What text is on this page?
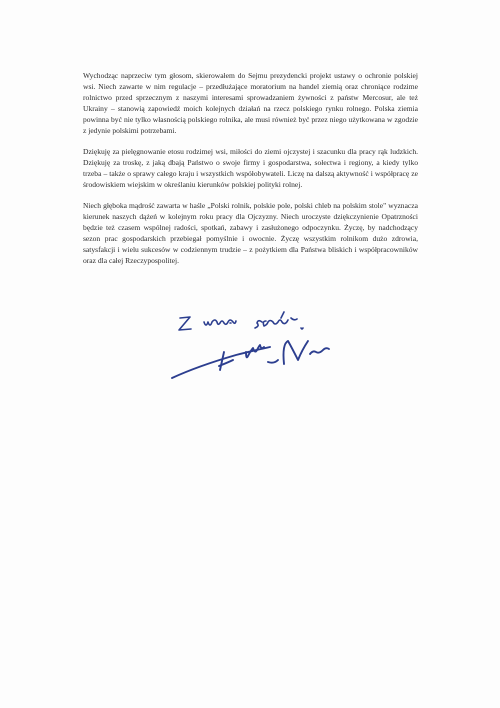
Wychodząc naprzeciw tym głosom, skierowałem do Sejmu prezydencki projekt ustawy o ochronie polskiej wsi. Niech zawarte w nim regulacje – przedłużające moratorium na handel ziemią oraz chroniące rodzime rolnictwo przed sprzecznym z naszymi interesami sprowadzaniem żywności z państw Mercosur, ale też Ukrainy – stanowią zapowiedź moich kolejnych działań na rzecz polskiego rynku rolnego. Polska ziemia powinna być nie tylko własnością polskiego rolnika, ale musi również być przez niego użytkowana w zgodzie z jedynie polskimi potrzebami.

Dziękuję za pielęgnowanie etosu rodzimej wsi, miłości do ziemi ojczystej i szacunku dla pracy rąk ludzkich. Dziękuję za troskę, z jaką dbają Państwo o swoje firmy i gospodarstwa, sołectwa i regiony, a kiedy tylko trzeba – także o sprawy całego kraju i wszystkich współobywateli. Liczę na dalszą aktywność i współpracę ze środowiskiem wiejskim w określaniu kierunków polskiej polityki rolnej.

Niech głęboka mądrość zawarta w haśle „Polski rolnik, polskie pole, polski chleb na polskim stole" wyznacza kierunek naszych dążeń w kolejnym roku pracy dla Ojczyzny. Niech uroczyste dziękczynienie Opatrzności będzie też czasem wspólnej radości, spotkań, zabawy i zasłużonego odpoczynku. Życzę, by nadchodzący sezon prac gospodarskich przebiegał pomyślnie i owocnie. Życzę wszystkim rolnikom dużo zdrowia, satysfakcji i wielu sukcesów w codziennym trudzie – z pożytkiem dla Państwa bliskich i współpracowników oraz dla całej Rzeczypospolitej.
